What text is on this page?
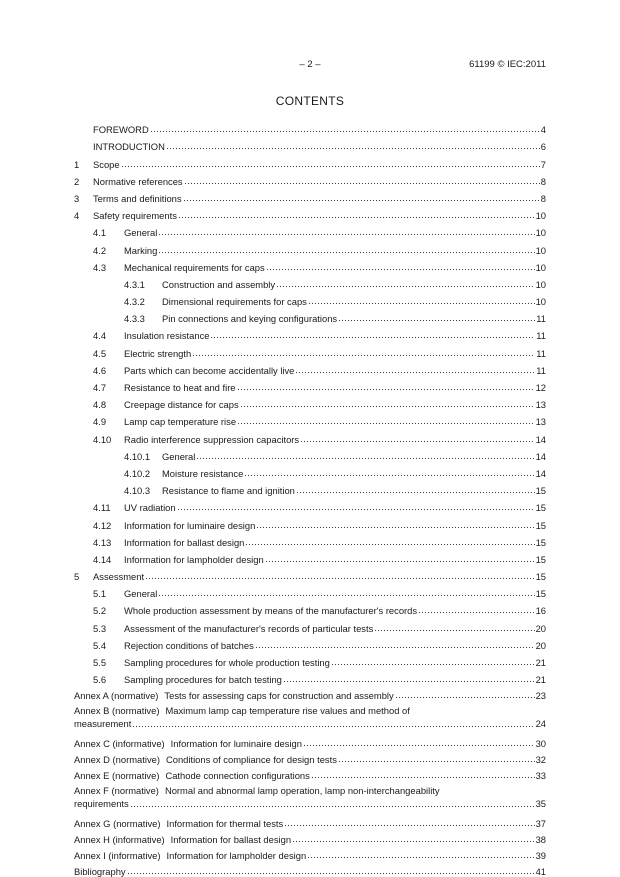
– 2 –	61199 © IEC:2011
CONTENTS
FOREWORD	4
INTRODUCTION	6
1	Scope	7
2	Normative references	8
3	Terms and definitions	8
4	Safety requirements	10
4.1	General	10
4.2	Marking	10
4.3	Mechanical requirements for caps	10
4.3.1	Construction and assembly	10
4.3.2	Dimensional requirements for caps	10
4.3.3	Pin connections and keying configurations	11
4.4	Insulation resistance	11
4.5	Electric strength	11
4.6	Parts which can become accidentally live	11
4.7	Resistance to heat and fire	12
4.8	Creepage distance for caps	13
4.9	Lamp cap temperature rise	13
4.10	Radio interference suppression capacitors	14
4.10.1	General	14
4.10.2	Moisture resistance	14
4.10.3	Resistance to flame and ignition	15
4.11	UV radiation	15
4.12	Information for luminaire design	15
4.13	Information for ballast design	15
4.14	Information for lampholder design	15
5	Assessment	15
5.1	General	15
5.2	Whole production assessment by means of the manufacturer's records	16
5.3	Assessment of the manufacturer's records of particular tests	20
5.4	Rejection conditions of batches	20
5.5	Sampling procedures for whole production testing	21
5.6	Sampling procedures for batch testing	21
Annex A (normative) Tests for assessing caps for construction and assembly	23
Annex B (normative) Maximum lamp cap temperature rise values and method of
measurement	24
Annex C (informative) Information for luminaire design	30
Annex D (normative) Conditions of compliance for design tests	32
Annex E (normative) Cathode connection configurations	33
Annex F (normative) Normal and abnormal lamp operation, lamp non-interchangeability
requirements	35
Annex G (normative) Information for thermal tests	37
Annex H (informative) Information for ballast design	38
Annex I (informative) Information for lampholder design	39
Bibliography	41
